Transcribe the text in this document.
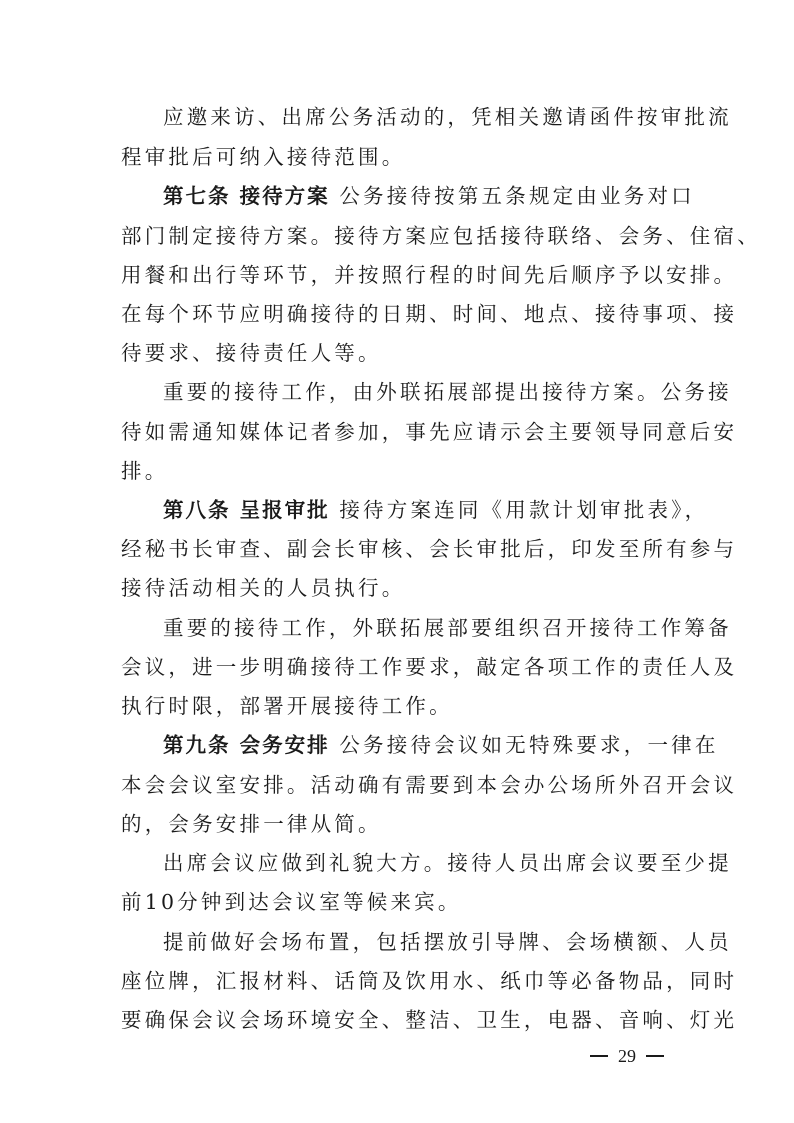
应邀来访、出席公务活动的，凭相关邀请函件按审批流
程审批后可纳入接待范围。
第七条 接待方案 公务接待按第五条规定由业务对口
部门制定接待方案。接待方案应包括接待联络、会务、住宿、
用餐和出行等环节，并按照行程的时间先后顺序予以安排。
在每个环节应明确接待的日期、时间、地点、接待事项、接
待要求、接待责任人等。
重要的接待工作，由外联拓展部提出接待方案。公务接
待如需通知媒体记者参加，事先应请示会主要领导同意后安
排。
第八条 呈报审批 接待方案连同《用款计划审批表》，
经秘书长审查、副会长审核、会长审批后，印发至所有参与
接待活动相关的人员执行。
重要的接待工作，外联拓展部要组织召开接待工作筹备
会议，进一步明确接待工作要求，敲定各项工作的责任人及
执行时限，部署开展接待工作。
第九条 会务安排 公务接待会议如无特殊要求，一律在
本会会议室安排。活动确有需要到本会办公场所外召开会议
的，会务安排一律从简。
出席会议应做到礼貌大方。接待人员出席会议要至少提
前10分钟到达会议室等候来宾。
提前做好会场布置，包括摆放引导牌、会场横额、人员
座位牌，汇报材料、话筒及饮用水、纸巾等必备物品，同时
要确保会议会场环境安全、整洁、卫生，电器、音响、灯光
29
